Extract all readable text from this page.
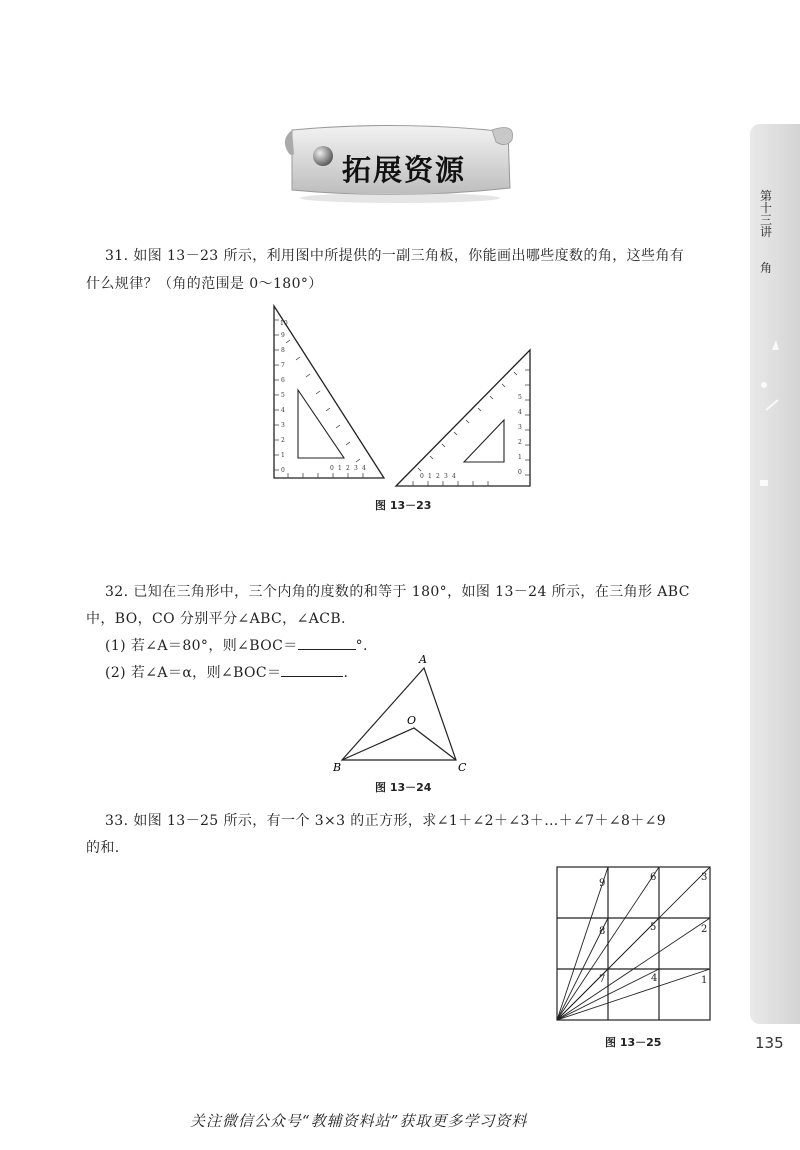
第十三讲
角
135
拓展资源
31. 如图 13－23 所示，利用图中所提供的一副三角板，你能画出哪些度数的角，这些角有
什么规律？（角的范围是 0～180°）
0
1
2
3
4
5
6
7
8
9
10
0 1 2 3 4
0
1
2
3
4
5
0 1 2 3 4
图 13－23
32. 已知在三角形中，三个内角的度数的和等于 180°，如图 13－24 所示，在三角形 ABC
中，BO，CO 分别平分∠ABC，∠ACB.
(1) 若∠A＝80°，则∠BOC＝	°.
(2) 若∠A＝α，则∠BOC＝	.
A
B	C
O
图 13－24
33. 如图 13－25 所示，有一个 3×3 的正方形，求∠1＋∠2＋∠3＋…＋∠7＋∠8＋∠9
的和.
1
2
3
4
5
6
7
8
9
图 13－25
关注微信公众号“教辅资料站”获取更多学习资料
